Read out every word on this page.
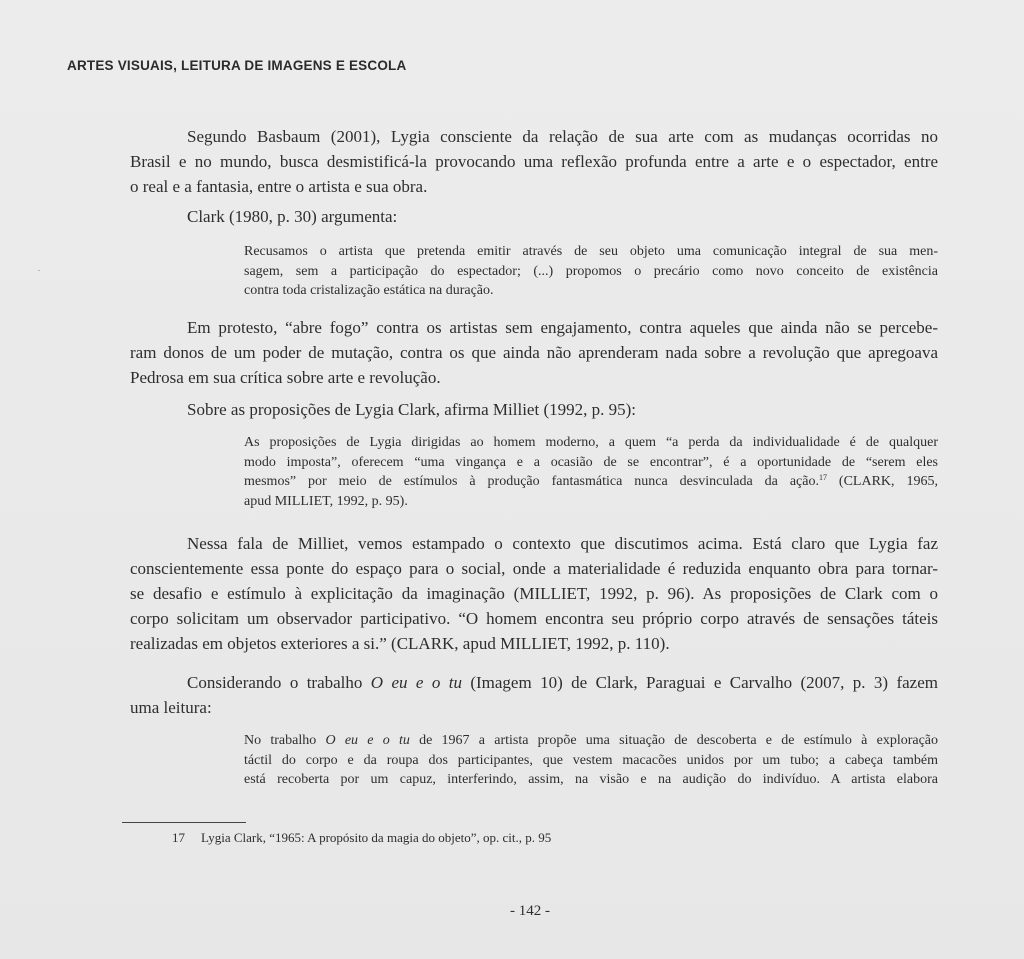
ARTES VISUAIS, LEITURA DE IMAGENS E ESCOLA

Segundo Basbaum (2001), Lygia consciente da relação de sua arte com as mudanças ocorridas no
Brasil e no mundo, busca desmistificá-la provocando uma reflexão profunda entre a arte e o espectador, entre
o real e a fantasia, entre o artista e sua obra.

Clark (1980, p. 30) argumenta:

Recusamos o artista que pretenda emitir através de seu objeto uma comunicação integral de sua men-
sagem, sem a participação do espectador; (...) propomos o precário como novo conceito de existência
contra toda cristalização estática na duração.

Em protesto, “abre fogo” contra os artistas sem engajamento, contra aqueles que ainda não se percebe-
ram donos de um poder de mutação, contra os que ainda não aprenderam nada sobre a revolução que apregoava
Pedrosa em sua crítica sobre arte e revolução.

Sobre as proposições de Lygia Clark, afirma Milliet (1992, p. 95):

As proposições de Lygia dirigidas ao homem moderno, a quem “a perda da individualidade é de qualquer
modo imposta”, oferecem “uma vingança e a ocasião de se encontrar”, é a oportunidade de “serem eles
mesmos” por meio de estímulos à produção fantasmática nunca desvinculada da ação.$^{17}$ (CLARK, 1965,
apud MILLIET, 1992, p. 95).

Nessa fala de Milliet, vemos estampado o contexto que discutimos acima. Está claro que Lygia faz
conscientemente essa ponte do espaço para o social, onde a materialidade é reduzida enquanto obra para tornar-
se desafio e estímulo à explicitação da imaginação (MILLIET, 1992, p. 96). As proposições de Clark com o
corpo solicitam um observador participativo. “O homem encontra seu próprio corpo através de sensações táteis
realizadas em objetos exteriores a si.” (CLARK, apud MILLIET, 1992, p. 110).

Considerando o trabalho O eu e o tu (Imagem 10) de Clark, Paraguai e Carvalho (2007, p. 3) fazem
uma leitura:

No trabalho O eu e o tu de 1967 a artista propõe uma situação de descoberta e de estímulo à exploração
táctil do corpo e da roupa dos participantes, que vestem macacões unidos por um tubo; a cabeça também
está recoberta por um capuz, interferindo, assim, na visão e na audição do indivíduo. A artista elabora

17 Lygia Clark, “1965: A propósito da magia do objeto”, op. cit., p. 95

- 142 -
